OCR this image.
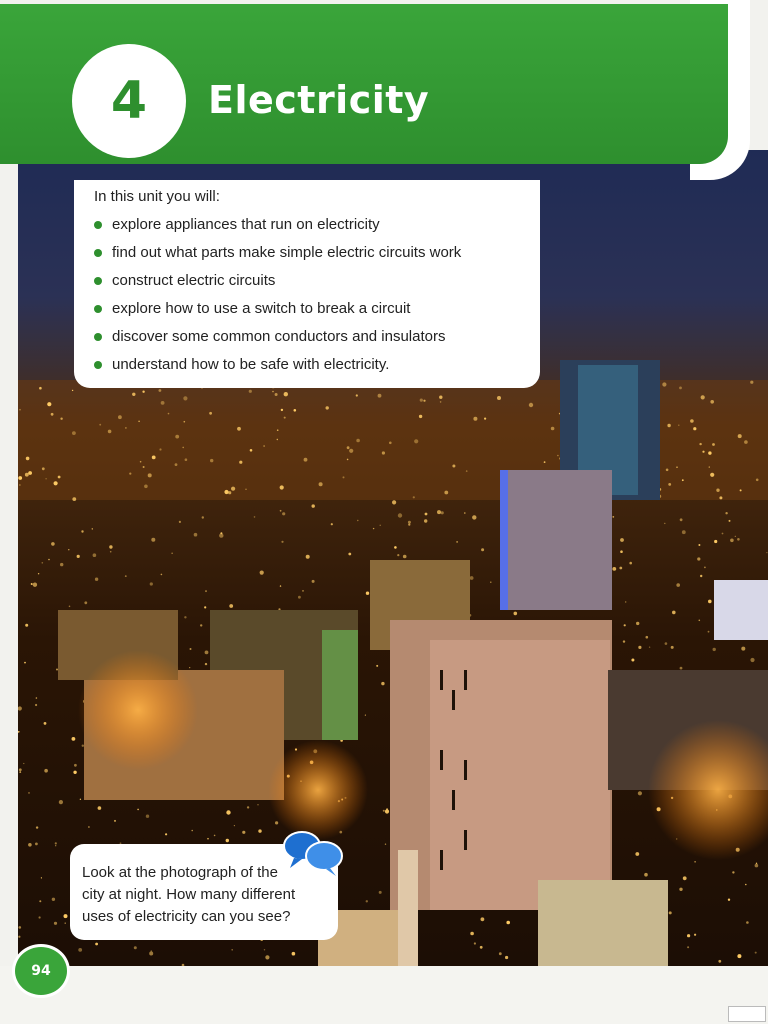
4 Electricity

In this unit you will:

explore appliances that run on electricity
find out what parts make simple electric circuits work
construct electric circuits
explore how to use a switch to break a circuit
discover some common conductors and insulators
understand how to be safe with electricity.

Look at the photograph of the

city at night. How many different

uses of electricity can you see?

94
